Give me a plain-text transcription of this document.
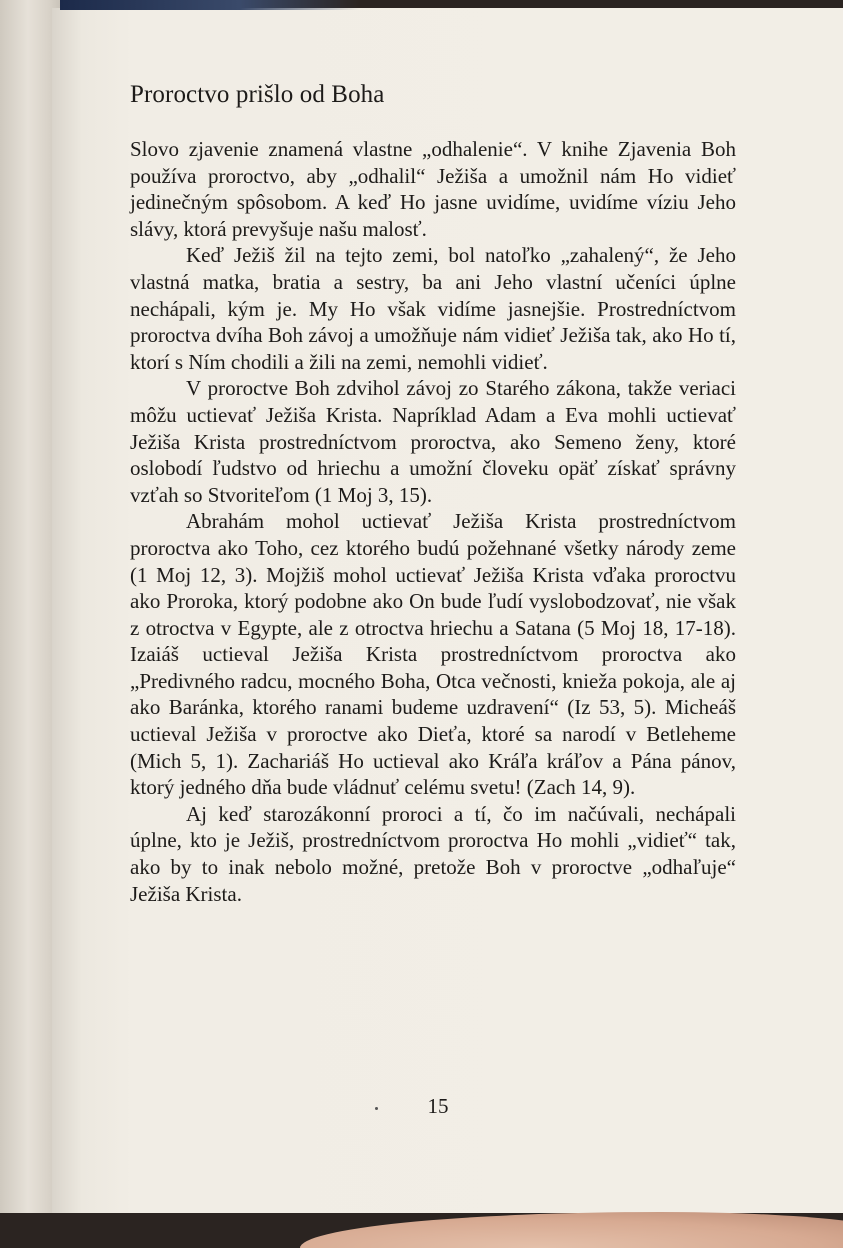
Proroctvo prišlo od Boha

Slovo zjavenie znamená vlastne „odhalenie“. V knihe Zjavenia Boh používa proroctvo, aby „odhalil“ Ježiša a umožnil nám Ho vidieť jedinečným spôsobom. A keď Ho jasne uvidíme, uvidíme víziu Jeho slávy, ktorá prevyšuje našu malosť.

Keď Ježiš žil na tejto zemi, bol natoľko „zahalený“, že Jeho vlastná matka, bratia a sestry, ba ani Jeho vlastní učeníci úplne nechápali, kým je. My Ho však vidíme jasnejšie. Prostredníctvom proroctva dvíha Boh závoj a umožňuje nám vidieť Ježiša tak, ako Ho tí, ktorí s Ním chodili a žili na zemi, nemohli vidieť.

V proroctve Boh zdvihol závoj zo Starého zákona, takže veriaci môžu uctievať Ježiša Krista. Napríklad Adam a Eva mohli uctievať Ježiša Krista prostredníctvom proroctva, ako Semeno ženy, ktoré oslobodí ľudstvo od hriechu a umožní človeku opäť získať správny vzťah so Stvoriteľom (1 Moj 3, 15).

Abrahám mohol uctievať Ježiša Krista prostredníctvom proroctva ako Toho, cez ktorého budú požehnané všetky národy zeme (1 Moj 12, 3). Mojžiš mohol uctievať Ježiša Krista vďaka proroctvu ako Proroka, ktorý podobne ako On bude ľudí vyslobodzovať, nie však z otroctva v Egypte, ale z otroctva hriechu a Satana (5 Moj 18, 17-18). Izaiáš uctieval Ježiša Krista prostredníctvom proroctva ako „Predivného radcu, mocného Boha, Otca večnosti, knieža pokoja, ale aj ako Baránka, ktorého ranami budeme uzdravení“ (Iz 53, 5). Micheáš uctieval Ježiša v proroctve ako Dieťa, ktoré sa narodí v Betleheme (Mich 5, 1). Zachariáš Ho uctieval ako Kráľa kráľov a Pána pánov, ktorý jedného dňa bude vládnuť celému svetu! (Zach 14, 9).

Aj keď starozákonní proroci a tí, čo im načúvali, nechápali úplne, kto je Ježiš, prostredníctvom proroctva Ho mohli „vidieť“ tak, ako by to inak nebolo možné, pretože Boh v proroctve „odhaľuje“ Ježiša Krista.

15
